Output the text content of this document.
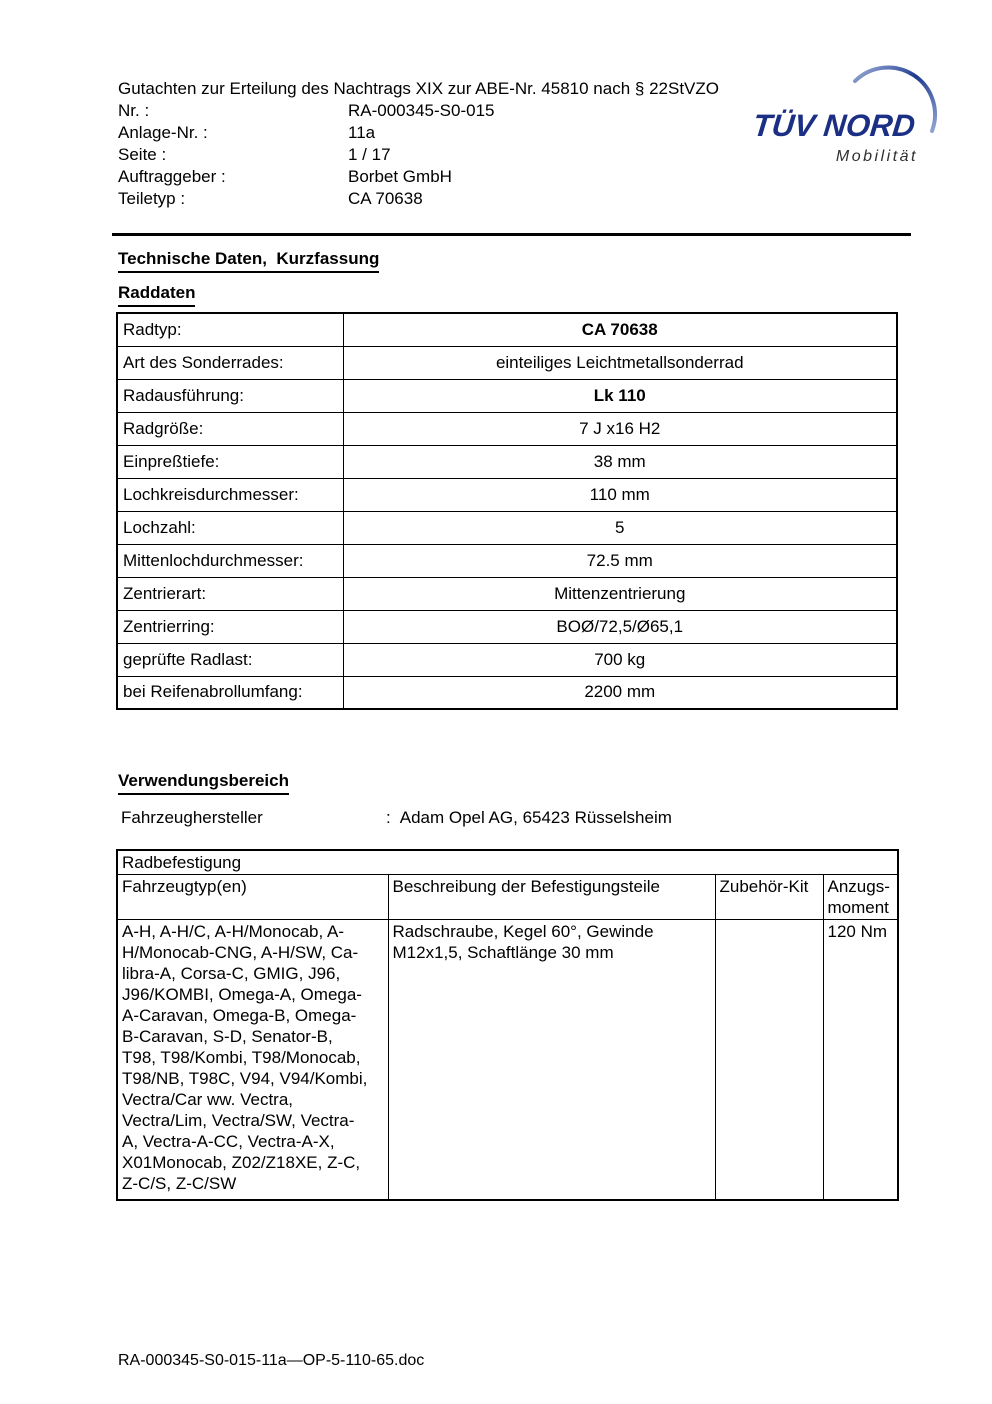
Gutachten zur Erteilung des Nachtrags XIX zur ABE-Nr. 45810 nach § 22StVZO
Nr. :	RA-000345-S0-015
Anlage-Nr. :	11a
Seite :	1 / 17
Auftraggeber :	Borbet GmbH
Teiletyp :	CA 70638
TÜV NORD
Mobilität
Technische Daten,  Kurzfassung
Raddaten
Radtyp:	CA 70638
Art des Sonderrades:	einteiliges Leichtmetallsonderrad
Radausführung:	Lk 110
Radgröße:	7 J x16 H2
Einpreßtiefe:	38 mm
Lochkreisdurchmesser:	110 mm
Lochzahl:	5
Mittenlochdurchmesser:	72.5 mm
Zentrierart:	Mittenzentrierung
Zentrierring:	BOØ/72,5/Ø65,1
geprüfte Radlast:	700 kg
bei Reifenabrollumfang:	2200 mm
Verwendungsbereich
Fahrzeughersteller	: Adam Opel AG, 65423 Rüsselsheim
Radbefestigung			
Fahrzeugtyp(en)	Beschreibung der Befestigungsteile	Zubehör-Kit	Anzugs-
moment
A-H, A-H/C, A-H/Monocab, A-
H/Monocab-CNG, A-H/SW, Ca-
libra-A, Corsa-C, GMIG, J96,
J96/KOMBI, Omega-A, Omega-
A-Caravan, Omega-B, Omega-
B-Caravan, S-D, Senator-B,
T98, T98/Kombi, T98/Monocab,
T98/NB, T98C, V94, V94/Kombi,
Vectra/Car ww. Vectra,
Vectra/Lim, Vectra/SW, Vectra-
A, Vectra-A-CC, Vectra-A-X,
X01Monocab, Z02/Z18XE, Z-C,
Z-C/S, Z-C/SW	Radschraube, Kegel 60°, Gewinde
M12x1,5, Schaftlänge 30 mm		120 Nm
RA-000345-S0-015-11a—OP-5-110-65.doc
